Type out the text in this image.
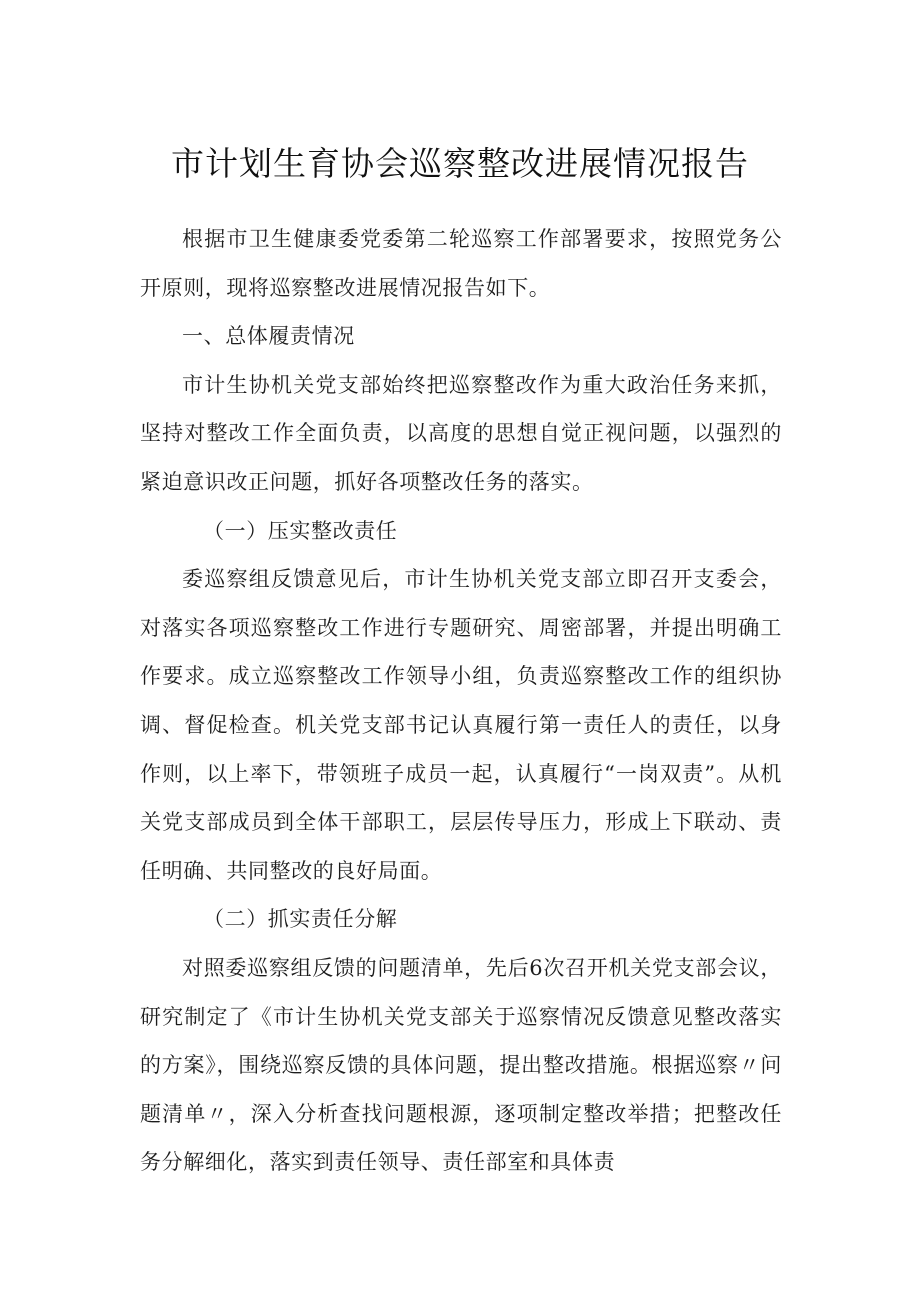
市计划生育协会巡察整改进展情况报告

根据市卫生健康委党委第二轮巡察工作部署要求，按照党务公开原则，现将巡察整改进展情况报告如下。

一、总体履责情况

市计生协机关党支部始终把巡察整改作为重大政治任务来抓，坚持对整改工作全面负责，以高度的思想自觉正视问题，以强烈的紧迫意识改正问题，抓好各项整改任务的落实。

（一）压实整改责任

委巡察组反馈意见后，市计生协机关党支部立即召开支委会，对落实各项巡察整改工作进行专题研究、周密部署，并提出明确工作要求。成立巡察整改工作领导小组，负责巡察整改工作的组织协调、督促检查。机关党支部书记认真履行第一责任人的责任，以身作则，以上率下，带领班子成员一起，认真履行“一岗双责”。从机关党支部成员到全体干部职工，层层传导压力，形成上下联动、责任明确、共同整改的良好局面。

（二）抓实责任分解

对照委巡察组反馈的问题清单，先后6次召开机关党支部会议，研究制定了《市计生协机关党支部关于巡察情况反馈意见整改落实的方案》，围绕巡察反馈的具体问题，提出整改措施。根据巡察〃问题清单〃，深入分析查找问题根源，逐项制定整改举措；把整改任务分解细化，落实到责任领导、责任部室和具体责
